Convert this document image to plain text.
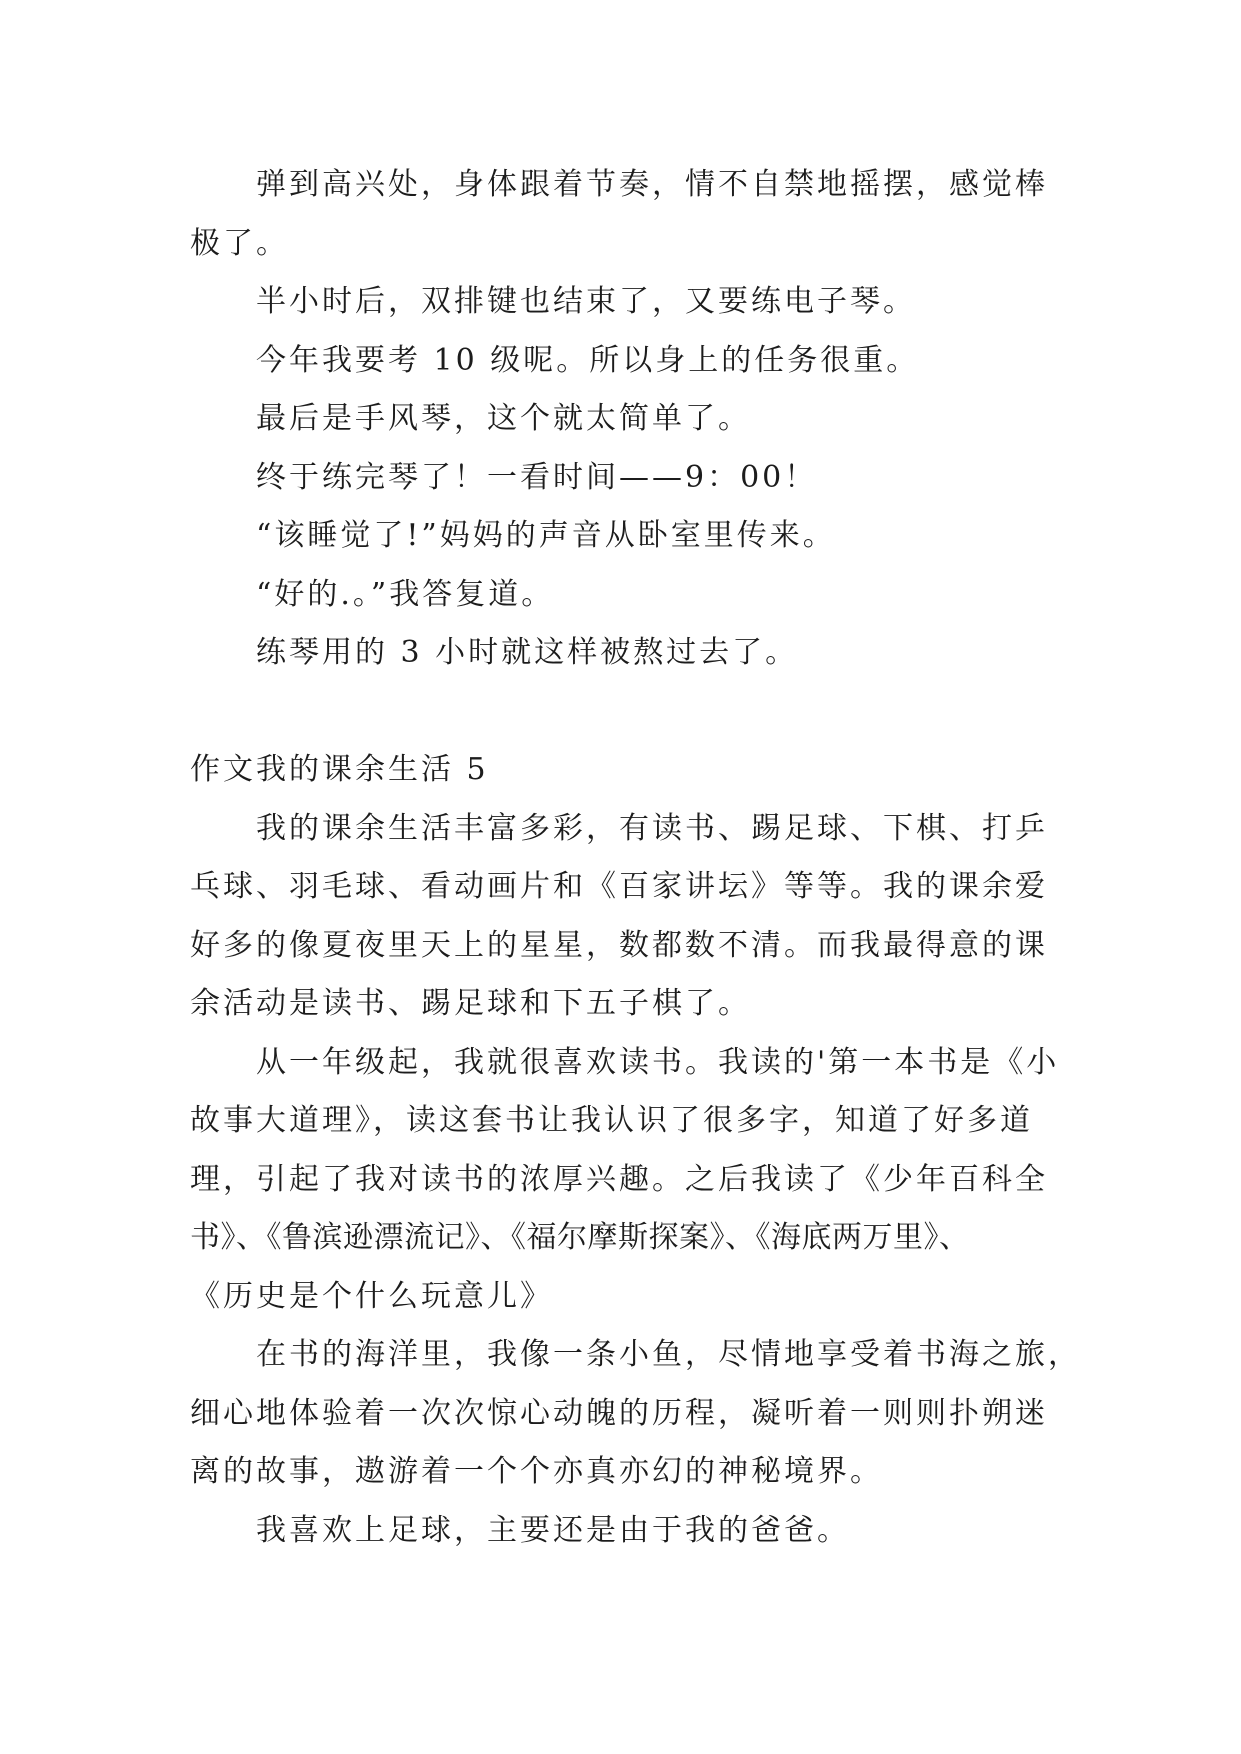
弹到高兴处，身体跟着节奏，情不自禁地摇摆，感觉棒
极了。
半小时后，双排键也结束了，又要练电子琴。
今年我要考 10 级呢。所以身上的任务很重。
最后是手风琴，这个就太简单了。
终于练完琴了！一看时间——9：00！
“该睡觉了!”妈妈的声音从卧室里传来。
“好的.。”我答复道。
练琴用的 3 小时就这样被熬过去了。
作文我的课余生活 5
我的课余生活丰富多彩，有读书、踢足球、下棋、打乒
乓球、羽毛球、看动画片和《百家讲坛》等等。我的课余爱
好多的像夏夜里天上的星星，数都数不清。而我最得意的课
余活动是读书、踢足球和下五子棋了。
从一年级起，我就很喜欢读书。我读的'第一本书是《小
故事大道理》，读这套书让我认识了很多字，知道了好多道
理，引起了我对读书的浓厚兴趣。之后我读了《少年百科全
书》、《鲁滨逊漂流记》、《福尔摩斯探案》、《海底两万里》、
《历史是个什么玩意儿》
在书的海洋里，我像一条小鱼，尽情地享受着书海之旅，
细心地体验着一次次惊心动魄的历程，凝听着一则则扑朔迷
离的故事，遨游着一个个亦真亦幻的神秘境界。
我喜欢上足球，主要还是由于我的爸爸。
